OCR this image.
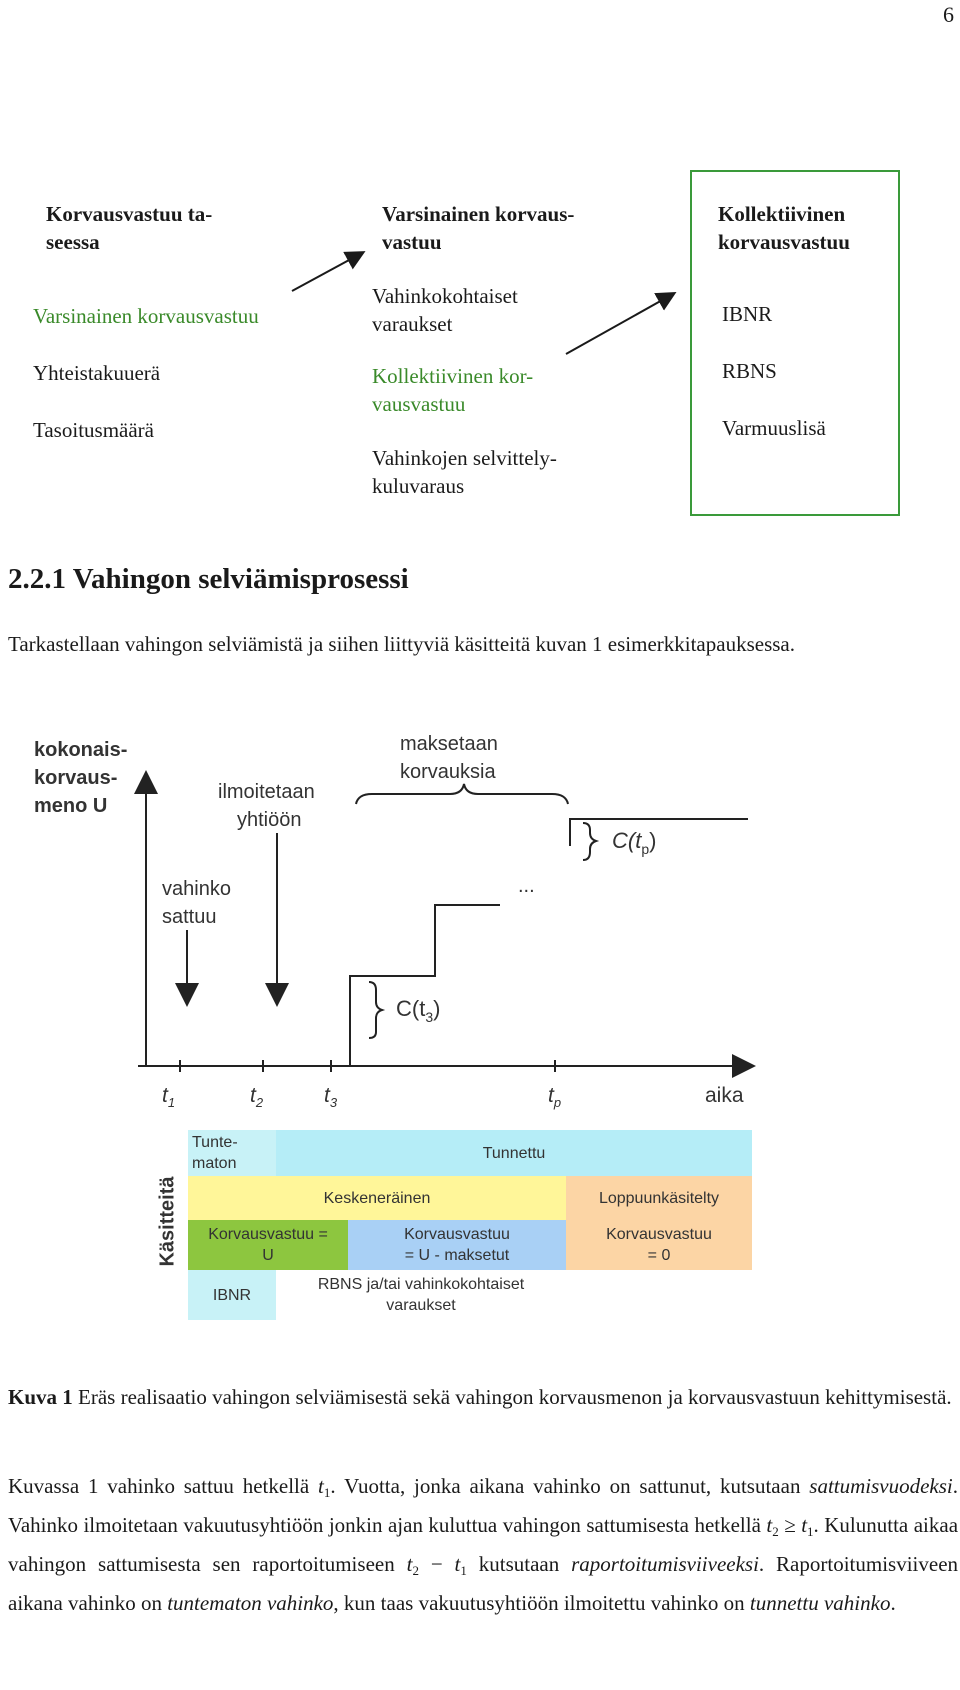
6
Korvausvastuu ta-
seessa
Varsinainen korvausvastuu
Yhteistakuuerä
Tasoitusmäärä
Varsinainen korvaus-
vastuu
Vahinkokohtaiset
varaukset
Kollektiivinen kor-
vausvastuu
Vahinkojen selvittely-
kuluvaraus
Kollektiivinen
korvausvastuu
IBNR
RBNS
Varmuuslisä
2.2.1 Vahingon selviämisprosessi
Tarkastellaan vahingon selviämistä ja siihen liittyviä käsitteitä kuvan 1 esimerkkitapauksessa.
kokonais-
korvaus-
meno U
ilmoitetaan
yhtiöön
vahinko
sattuu
maksetaan
korvauksia
...
$C(t_3)$
$C(t_p)$
$t_1$	$t_2$	$t_3$	$t_p$	aika
Tunte-
maton
Tunnettu
Keskeneräinen	Loppuunkäsitelty
Korvausvastuu =
U
Korvausvastuu
= U - maksetut
Korvausvastuu
= 0
IBNR
RBNS ja/tai vahinkokohtaiset
varaukset
Käsitteitä
Kuva 1 Eräs realisaatio vahingon selviämisestä sekä vahingon korvausmenon ja korvausvastuun kehittymisestä.
Kuvassa 1 vahinko sattuu hetkellä $t_1$. Vuotta, jonka aikana vahinko on sattunut, kutsutaan sattumisvuodeksi. Vahinko ilmoitetaan vakuutusyhtiöön jonkin ajan kuluttua vahingon sattumisesta hetkellä $t_2 \ge t_1$. Kulunutta aikaa vahingon sattumisesta sen raportoitumiseen $t_2 - t_1$ kutsutaan raportoitumisviiveeksi. Raportoitumisviiveen aikana vahinko on tuntematon vahinko, kun taas vakuutusyhtiöön ilmoitettu vahinko on tunnettu vahinko.
